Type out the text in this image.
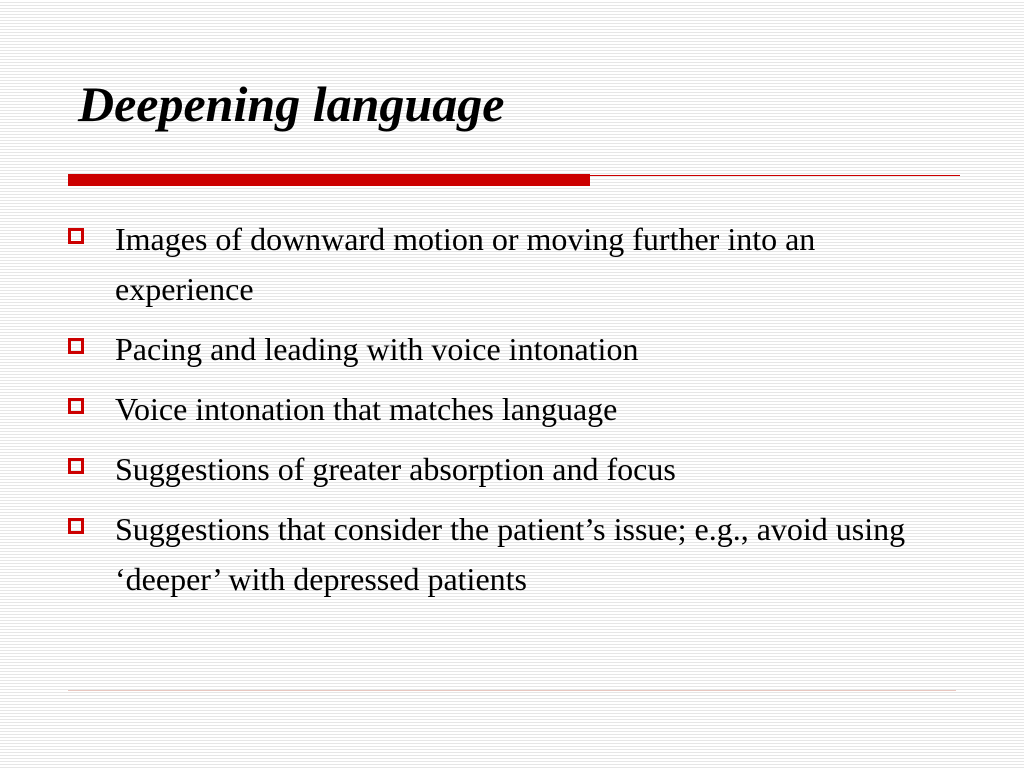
Deepening language
Images of downward motion or moving further into an experience
Pacing and leading with voice intonation
Voice intonation that matches language
Suggestions of greater absorption and focus
Suggestions that consider the patient’s issue; e.g., avoid using ‘deeper’ with depressed patients
